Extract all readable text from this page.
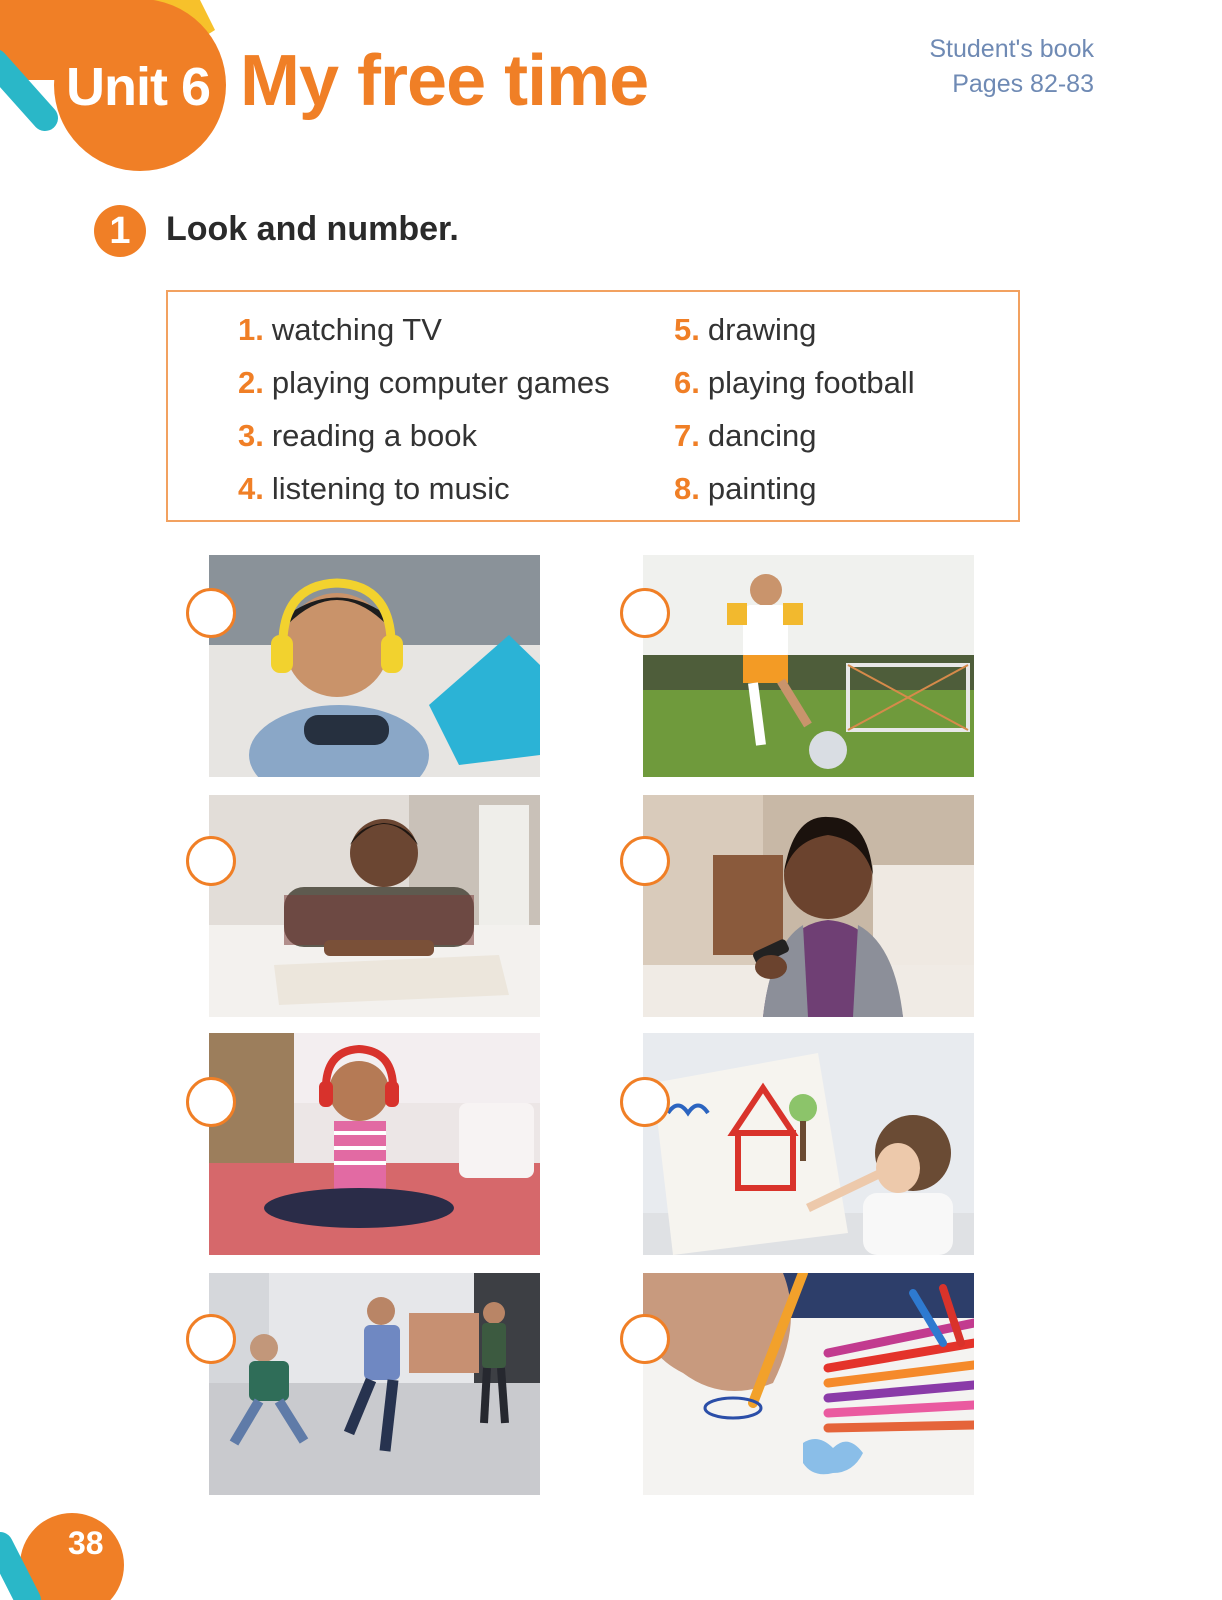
Unit 6 My free time	Student's book
Pages 82-83
1	Look and number.
1. watching TV
2. playing computer games
3. reading a book
4. listening to music
5. drawing
6. playing football
7. dancing
8. painting
38
